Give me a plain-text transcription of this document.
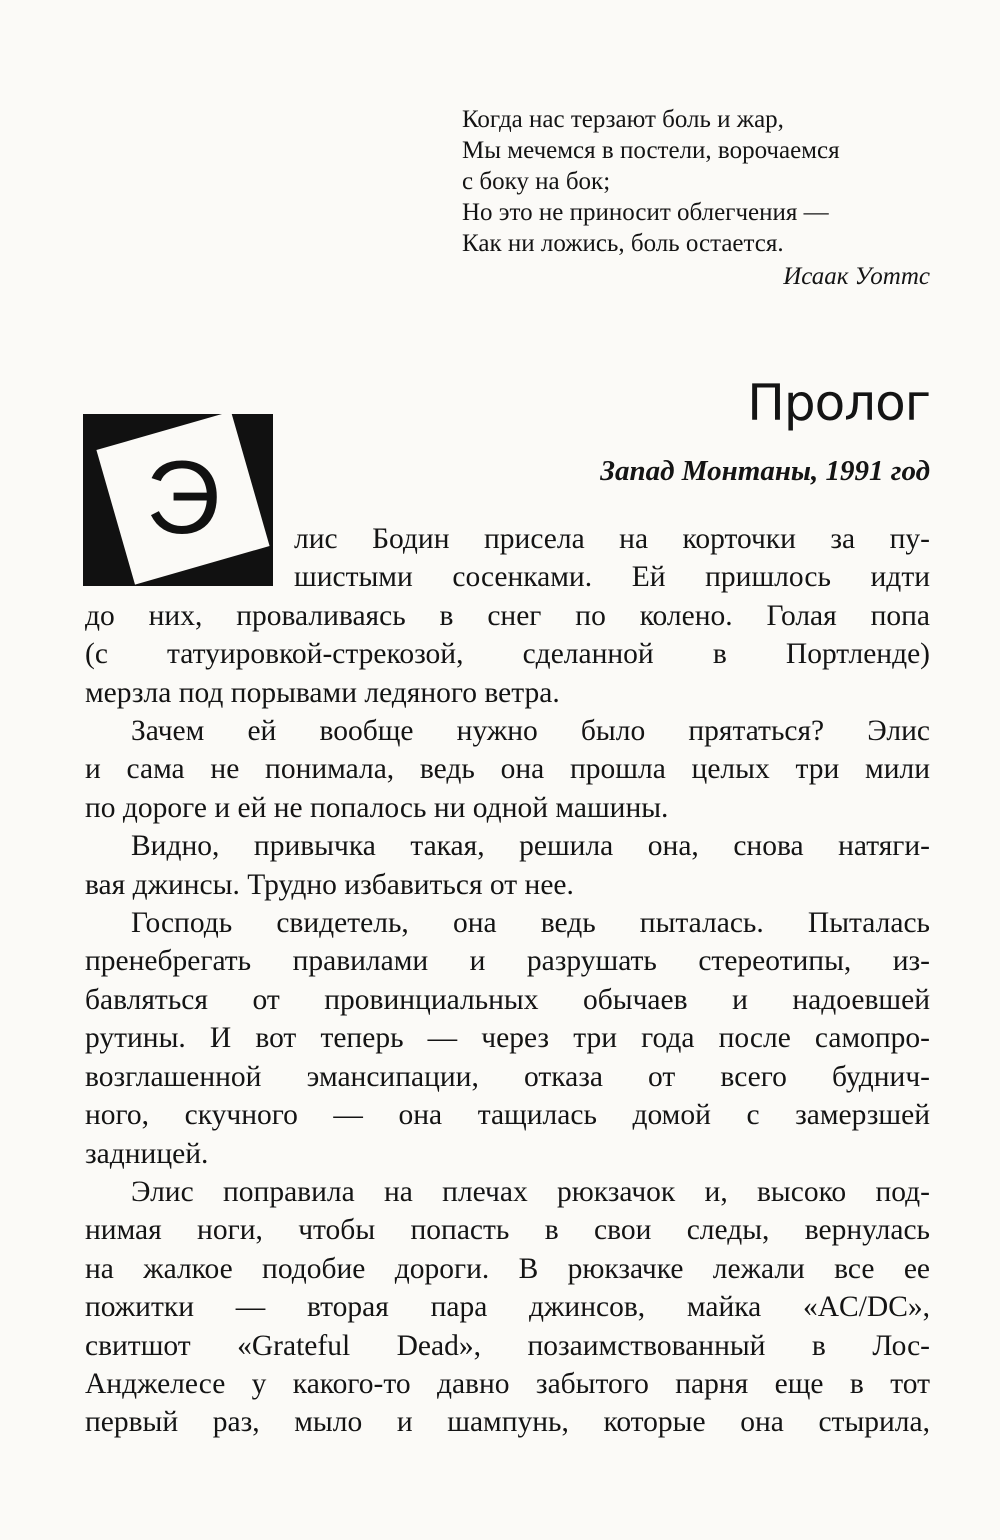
Когда нас терзают боль и жар,
Мы мечемся в постели, ворочаемся
с боку на бок;
Но это не приносит облегчения —
Как ни ложись, боль остается.
Исаак Уоттс
Пролог
Запад Монтаны, 1991 год
Э	лис Бодин присела на корточки за пу-
шистыми сосенками. Ей пришлось идти
до них, проваливаясь в снег по колено. Голая попа
(с татуировкой-стрекозой, сделанной в Портленде)
мерзла под порывами ледяного ветра.
Зачем ей вообще нужно было прятаться? Элис
и сама не понимала, ведь она прошла целых три мили
по дороге и ей не попалось ни одной машины.
Видно, привычка такая, решила она, снова натяги-
вая джинсы. Трудно избавиться от нее.
Господь свидетель, она ведь пыталась. Пыталась
пренебрегать правилами и разрушать стереотипы, из-
бавляться от провинциальных обычаев и надоевшей
рутины. И вот теперь — через три года после самопро-
возглашенной эмансипации, отказа от всего буднич-
ного, скучного — она тащилась домой с замерзшей
задницей.
Элис поправила на плечах рюкзачок и, высоко под-
нимая ноги, чтобы попасть в свои следы, вернулась
на жалкое подобие дороги. В рюкзачке лежали все ее
пожитки — вторая пара джинсов, майка «AC/DC»,
свитшот «Grateful Dead», позаимствованный в Лос-
Анджелесе у какого-то давно забытого парня еще в тот
первый раз, мыло и шампунь, которые она стырила,
